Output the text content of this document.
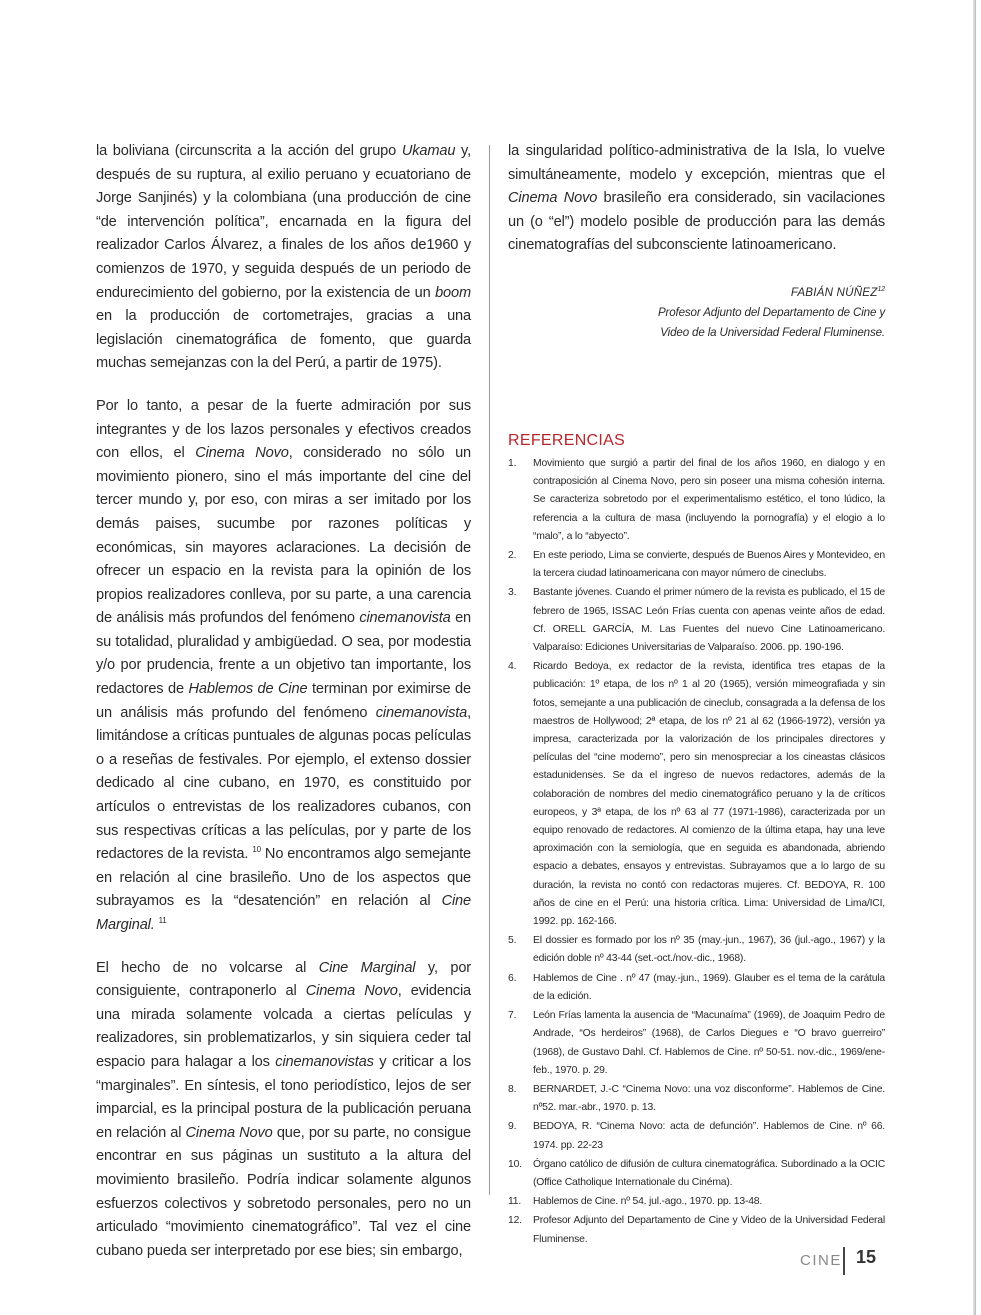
la boliviana (circunscrita a la acción del grupo Ukamau y, después de su ruptura, al exilio peruano y ecuatoriano de Jorge Sanjinés) y la colombiana (una producción de cine “de intervención política”, encarnada en la figura del realizador Carlos Álvarez, a finales de los años de1960 y comienzos de 1970, y seguida después de un periodo de endurecimiento del gobierno, por la existencia de un boom en la producción de cortometrajes, gracias a una legislación cinematográfica de fomento, que guarda muchas semejanzas con la del Perú, a partir de 1975).

Por lo tanto, a pesar de la fuerte admiración por sus integrantes y de los lazos personales y efectivos creados con ellos, el Cinema Novo, considerado no sólo un movimiento pionero, sino el más importante del cine del tercer mundo y, por eso, con miras a ser imitado por los demás paises, sucumbe por razones políticas y económicas, sin mayores aclaraciones. La decisión de ofrecer un espacio en la revista para la opinión de los propios realizadores conlleva, por su parte, a una carencia de análisis más profundos del fenómeno cinemanovista en su totalidad, pluralidad y ambigüedad. O sea, por modestia y/o por prudencia, frente a un objetivo tan importante, los redactores de Hablemos de Cine terminan por eximirse de un análisis más profundo del fenómeno cinemanovista, limitándose a críticas puntuales de algunas pocas películas o a reseñas de festivales. Por ejemplo, el extenso dossier dedicado al cine cubano, en 1970, es constituido por artículos o entrevistas de los realizadores cubanos, con sus respectivas críticas a las películas, por y parte de los redactores de la revista. $^{10}$ No encontramos algo semejante en relación al cine brasileño. Uno de los aspectos que subrayamos es la “desatención” en relación al Cine Marginal. $^{11}$

El hecho de no volcarse al Cine Marginal y, por consiguiente, contraponerlo al Cinema Novo, evidencia una mirada solamente volcada a ciertas películas y realizadores, sin problematizarlos, y sin siquiera ceder tal espacio para halagar a los cinemanovistas y criticar a los “marginales”. En síntesis, el tono periodístico, lejos de ser imparcial, es la principal postura de la publicación peruana en relación al Cinema Novo que, por su parte, no consigue encontrar en sus páginas un sustituto a la altura del movimiento brasileño. Podría indicar solamente algunos esfuerzos colectivos y sobretodo personales, pero no un articulado “movimiento cinematográfico”. Tal vez el cine cubano pueda ser interpretado por ese bies; sin embargo,

la singularidad político-administrativa de la Isla, lo vuelve simultáneamente, modelo y excepción, mientras que el Cinema Novo brasileño era considerado, sin vacilaciones un (o “el”) modelo posible de producción para las demás cinematografías del subconsciente latinoamericano.

FABIÁN NÚÑEZ$^{12}$
Profesor Adjunto del Departamento de Cine y
Video de la Universidad Federal Fluminense.
REFERENCIAS
1. Movimiento que surgió a partir del final de los años 1960, en dialogo y en contraposición al Cinema Novo, pero sin poseer una misma cohesión interna. Se caracteriza sobretodo por el experimentalismo estético, el tono lúdico, la referencia a la cultura de masa (incluyendo la pornografía) y el elogio a lo “malo”, a lo “abyecto”.
2. En este periodo, Lima se convierte, después de Buenos Aires y Montevideo, en la tercera ciudad latinoamericana con mayor número de cineclubs.
3. Bastante jóvenes. Cuando el primer número de la revista es publicado, el 15 de febrero de 1965, ISSAC León Frías cuenta con apenas veinte años de edad. Cf. ORELL GARCÍA, M. Las Fuentes del nuevo Cine Latinoamericano. Valparaíso: Ediciones Universitarias de Valparaíso. 2006. pp. 190-196.
4. Ricardo Bedoya, ex redactor de la revista, identifica tres etapas de la publicación: 1º etapa, de los nº 1 al 20 (1965), versión mimeografiada y sin fotos, semejante a una publicación de cineclub, consagrada a la defensa de los maestros de Hollywood; 2ª etapa, de los nº 21 al 62 (1966-1972), versión ya impresa, caracterizada por la valorización de los principales directores y películas del “cine moderno”, pero sin menospreciar a los cineastas clásicos estadunidenses. Se da el ingreso de nuevos redactores, además de la colaboración de nombres del medio cinematográfico peruano y la de críticos europeos, y 3ª etapa, de los nº 63 al 77 (1971-1986), caracterizada por un equipo renovado de redactores. Al comienzo de la última etapa, hay una leve aproximación con la semiología, que en seguida es abandonada, abriendo espacio a debates, ensayos y entrevistas. Subrayamos que a lo largo de su duración, la revista no contó con redactoras mujeres. Cf. BEDOYA, R. 100 años de cine en el Perú: una historia crítica. Lima: Universidad de Lima/ICI, 1992. pp. 162-166.
5. El dossier es formado por los nº 35 (may.-jun., 1967), 36 (jul.-ago., 1967) y la edición doble nº 43-44 (set.-oct./nov.-dic., 1968).
6. Hablemos de Cine . nº 47 (may.-jun., 1969). Glauber es el tema de la carátula de la edición.
7. León Frías lamenta la ausencia de “Macunaíma” (1969), de Joaquim Pedro de Andrade, “Os herdeiros” (1968), de Carlos Diegues e “O bravo guerreiro” (1968), de Gustavo Dahl. Cf. Hablemos de Cine. nº 50-51. nov.-dic., 1969/ene-feb., 1970. p. 29.
8. BERNARDET, J.-C “Cinema Novo: una voz disconforme”. Hablemos de Cine. nº52. mar.-abr., 1970. p. 13.
9. BEDOYA, R. “Cinema Novo: acta de defunción”. Hablemos de Cine. nº 66. 1974. pp. 22-23
10. Órgano católico de difusión de cultura cinematográfica. Subordinado a la OCIC (Office Catholique Internationale du Cinéma).
11. Hablemos de Cine. nº 54. jul.-ago., 1970. pp. 13-48.
12. Profesor Adjunto del Departamento de Cine y Video de la Universidad Federal Fluminense.
CINE 15
